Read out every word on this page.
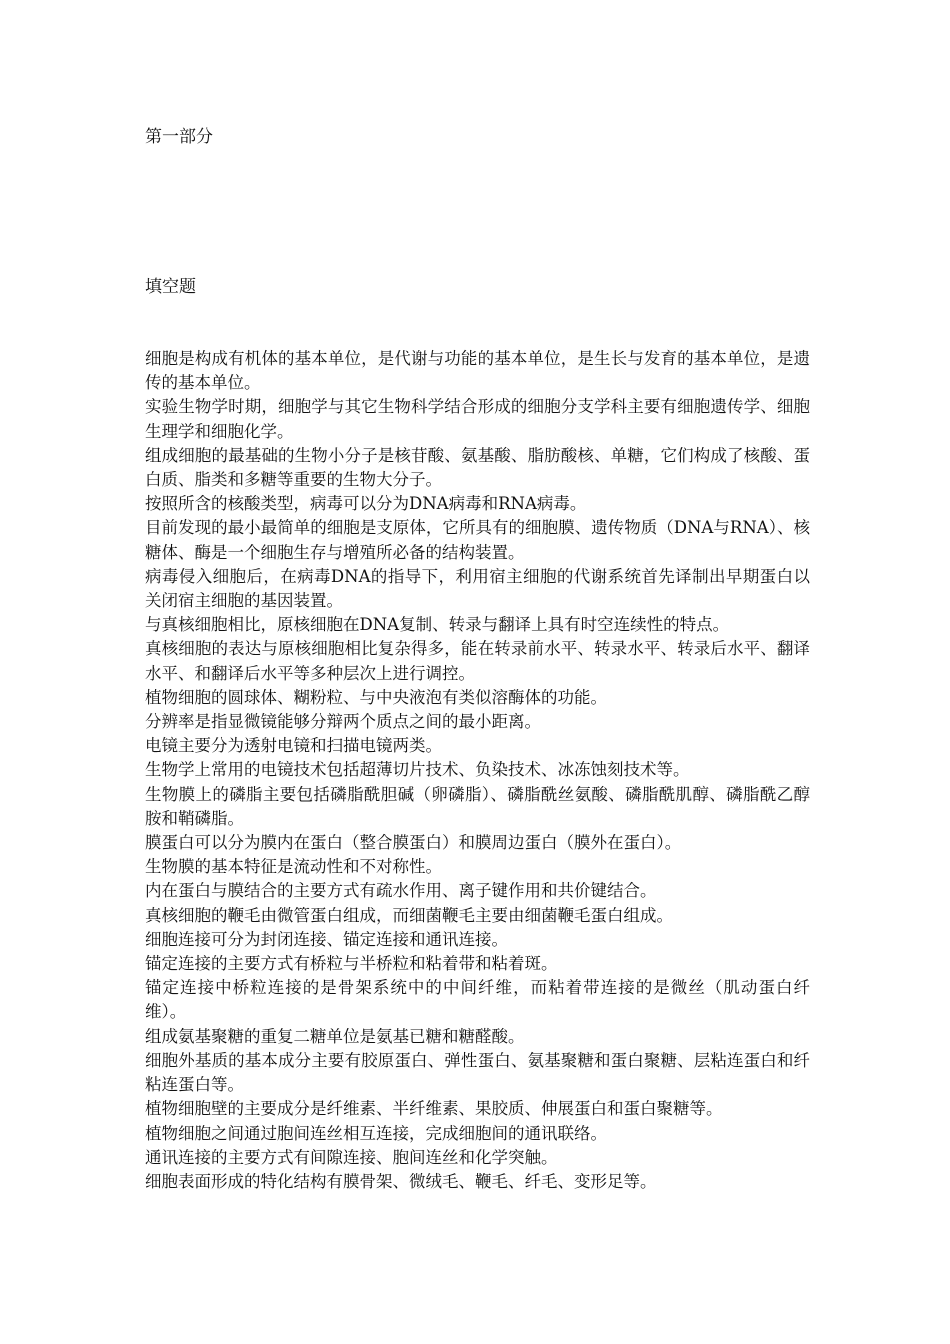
第一部分
填空题
细胞是构成有机体的基本单位，是代谢与功能的基本单位，是生长与发育的基本单位，是遗传的基本单位。
实验生物学时期，细胞学与其它生物科学结合形成的细胞分支学科主要有细胞遗传学、细胞生理学和细胞化学。
组成细胞的最基础的生物小分子是核苷酸、氨基酸、脂肪酸核、单糖，它们构成了核酸、蛋白质、脂类和多糖等重要的生物大分子。
按照所含的核酸类型，病毒可以分为DNA病毒和RNA病毒。
目前发现的最小最简单的细胞是支原体，它所具有的细胞膜、遗传物质（DNA与RNA）、核糖体、酶是一个细胞生存与增殖所必备的结构装置。
病毒侵入细胞后，在病毒DNA的指导下，利用宿主细胞的代谢系统首先译制出早期蛋白以关闭宿主细胞的基因装置。
与真核细胞相比，原核细胞在DNA复制、转录与翻译上具有时空连续性的特点。
真核细胞的表达与原核细胞相比复杂得多，能在转录前水平、转录水平、转录后水平、翻译水平、和翻译后水平等多种层次上进行调控。
植物细胞的圆球体、糊粉粒、与中央液泡有类似溶酶体的功能。
分辨率是指显微镜能够分辩两个质点之间的最小距离。
电镜主要分为透射电镜和扫描电镜两类。
生物学上常用的电镜技术包括超薄切片技术、负染技术、冰冻蚀刻技术等。
生物膜上的磷脂主要包括磷脂酰胆碱（卵磷脂）、磷脂酰丝氨酸、磷脂酰肌醇、磷脂酰乙醇胺和鞘磷脂。
膜蛋白可以分为膜内在蛋白（整合膜蛋白）和膜周边蛋白（膜外在蛋白）。
生物膜的基本特征是流动性和不对称性。
内在蛋白与膜结合的主要方式有疏水作用、离子键作用和共价键结合。
真核细胞的鞭毛由微管蛋白组成，而细菌鞭毛主要由细菌鞭毛蛋白组成。
细胞连接可分为封闭连接、锚定连接和通讯连接。
锚定连接的主要方式有桥粒与半桥粒和粘着带和粘着斑。
锚定连接中桥粒连接的是骨架系统中的中间纤维，而粘着带连接的是微丝（肌动蛋白纤维）。
组成氨基聚糖的重复二糖单位是氨基已糖和糖醛酸。
细胞外基质的基本成分主要有胶原蛋白、弹性蛋白、氨基聚糖和蛋白聚糖、层粘连蛋白和纤粘连蛋白等。
植物细胞壁的主要成分是纤维素、半纤维素、果胶质、伸展蛋白和蛋白聚糖等。
植物细胞之间通过胞间连丝相互连接，完成细胞间的通讯联络。
通讯连接的主要方式有间隙连接、胞间连丝和化学突触。
细胞表面形成的特化结构有膜骨架、微绒毛、鞭毛、纤毛、变形足等。
